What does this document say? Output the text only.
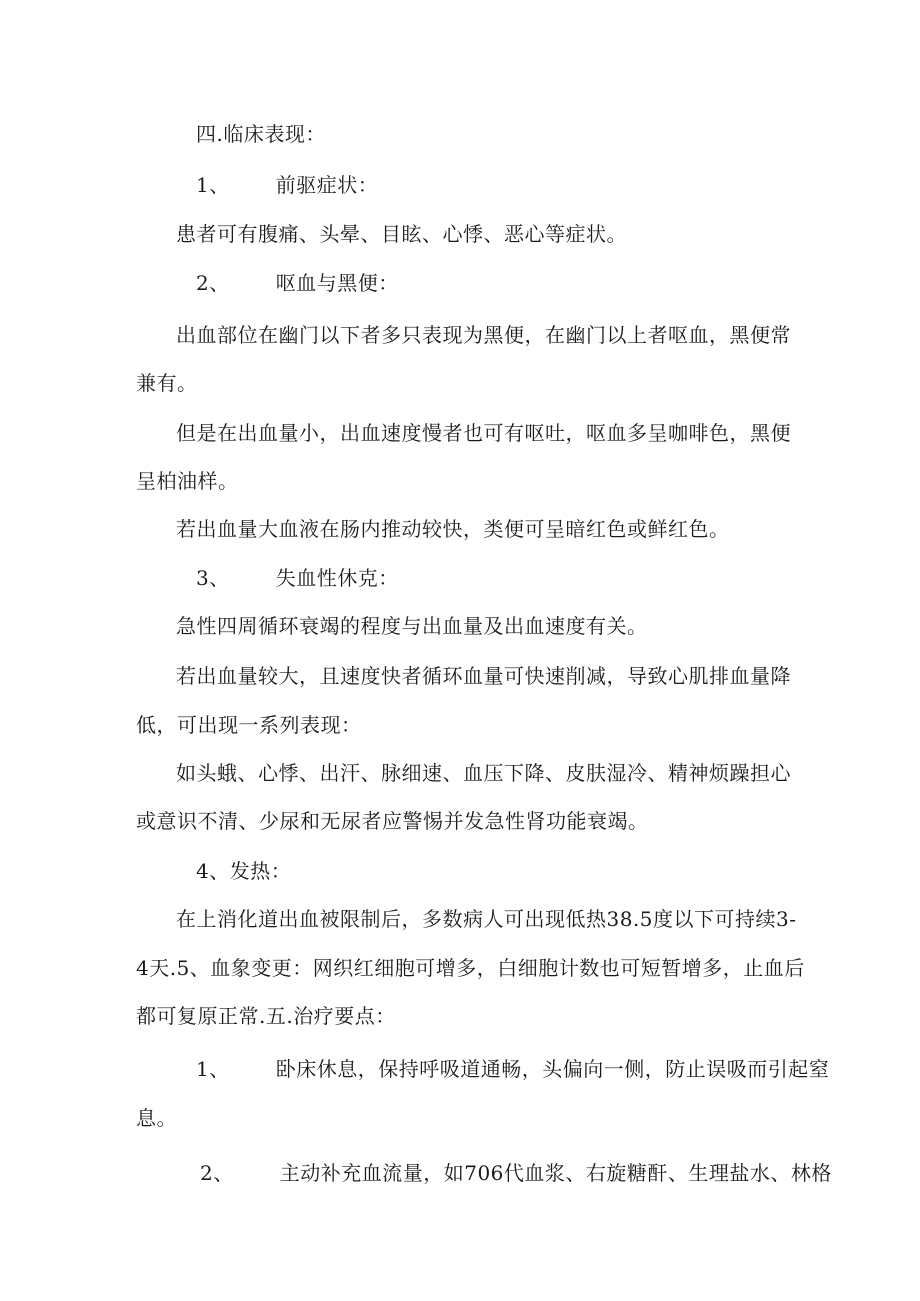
四.临床表现：
1、 前驱症状：
患者可有腹痛、头晕、目眩、心悸、恶心等症状。
2、 呕血与黑便：
出血部位在幽门以下者多只表现为黑便，在幽门以上者呕血，黑便常
兼有。
但是在出血量小，出血速度慢者也可有呕吐，呕血多呈咖啡色，黑便
呈柏油样。
若出血量大血液在肠内推动较快，类便可呈暗红色或鲜红色。
3、 失血性休克：
急性四周循环衰竭的程度与出血量及出血速度有关。
若出血量较大，且速度快者循环血量可快速削减，导致心肌排血量降
低，可出现一系列表现：
如头蛾、心悸、出汗、脉细速、血压下降、皮肤湿冷、精神烦躁担心
或意识不清、少尿和无尿者应警惕并发急性肾功能衰竭。
4、发热：
在上消化道出血被限制后，多数病人可出现低热38.5度以下可持续3-
4天.5、血象变更：网织红细胞可增多，白细胞计数也可短暂增多，止血后
都可复原正常.五.治疗要点：
1、 卧床休息，保持呼吸道通畅，头偏向一侧，防止误吸而引起窒
息。
2、 主动补充血流量，如706代血浆、右旋糖酐、生理盐水、林格
